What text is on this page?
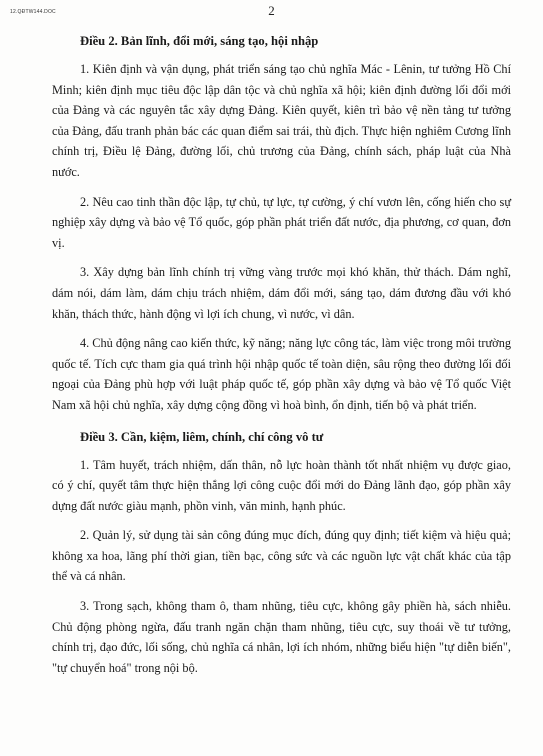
12.QĐTW144.DOC	2
Điều 2. Bản lĩnh, đổi mới, sáng tạo, hội nhập

1. Kiên định và vận dụng, phát triển sáng tạo chủ nghĩa Mác - Lênin, tư tưởng Hồ Chí Minh; kiên định mục tiêu độc lập dân tộc và chủ nghĩa xã hội; kiên định đường lối đổi mới của Đảng và các nguyên tắc xây dựng Đảng. Kiên quyết, kiên trì bảo vệ nền tảng tư tưởng của Đảng, đấu tranh phản bác các quan điểm sai trái, thù địch. Thực hiện nghiêm Cương lĩnh chính trị, Điều lệ Đảng, đường lối, chủ trương của Đảng, chính sách, pháp luật của Nhà nước.

2. Nêu cao tinh thần độc lập, tự chủ, tự lực, tự cường, ý chí vươn lên, cống hiến cho sự nghiệp xây dựng và bảo vệ Tổ quốc, góp phần phát triển đất nước, địa phương, cơ quan, đơn vị.

3. Xây dựng bản lĩnh chính trị vững vàng trước mọi khó khăn, thử thách. Dám nghĩ, dám nói, dám làm, dám chịu trách nhiệm, dám đổi mới, sáng tạo, dám đương đầu với khó khăn, thách thức, hành động vì lợi ích chung, vì nước, vì dân.

4. Chủ động nâng cao kiến thức, kỹ năng; năng lực công tác, làm việc trong môi trường quốc tế. Tích cực tham gia quá trình hội nhập quốc tế toàn diện, sâu rộng theo đường lối đối ngoại của Đảng phù hợp với luật pháp quốc tế, góp phần xây dựng và bảo vệ Tổ quốc Việt Nam xã hội chủ nghĩa, xây dựng cộng đồng vì hoà bình, ổn định, tiến bộ và phát triển.

Điều 3. Cần, kiệm, liêm, chính, chí công vô tư

1. Tâm huyết, trách nhiệm, dấn thân, nỗ lực hoàn thành tốt nhất nhiệm vụ được giao, có ý chí, quyết tâm thực hiện thắng lợi công cuộc đổi mới do Đảng lãnh đạo, góp phần xây dựng đất nước giàu mạnh, phồn vinh, văn minh, hạnh phúc.

2. Quản lý, sử dụng tài sản công đúng mục đích, đúng quy định; tiết kiệm và hiệu quả; không xa hoa, lãng phí thời gian, tiền bạc, công sức và các nguồn lực vật chất khác của tập thể và cá nhân.

3. Trong sạch, không tham ô, tham nhũng, tiêu cực, không gây phiền hà, sách nhiễu. Chủ động phòng ngừa, đấu tranh ngăn chặn tham nhũng, tiêu cực, suy thoái về tư tưởng, chính trị, đạo đức, lối sống, chủ nghĩa cá nhân, lợi ích nhóm, những biểu hiện "tự diễn biến", "tự chuyển hoá" trong nội bộ.
